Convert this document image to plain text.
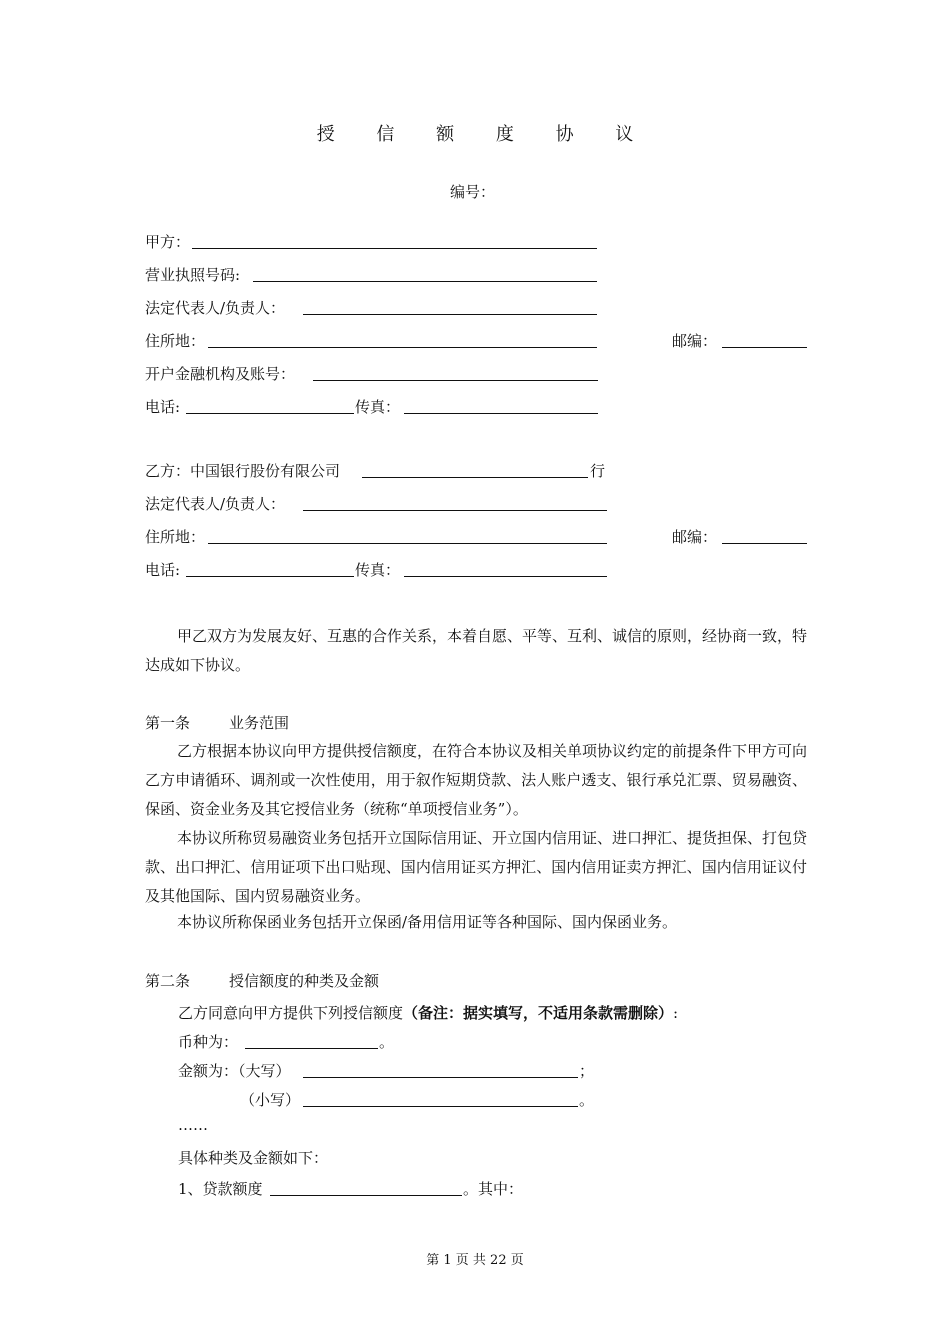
授 信 额 度 协 议
编号：
甲方：
营业执照号码:
法定代表人/负责人：
住所地：	邮编：
开户金融机构及账号：
电话:	传真：
乙方：中国银行股份有限公司	行
法定代表人/负责人：
住所地：	邮编：
电话:	传真：
甲乙双方为发展友好、互惠的合作关系，本着自愿、平等、互利、诚信的原则，经协商一致，特达成如下协议。
第一条	业务范围
乙方根据本协议向甲方提供授信额度，在符合本协议及相关单项协议约定的前提条件下甲方可向乙方申请循环、调剂或一次性使用，用于叙作短期贷款、法人账户透支、银行承兑汇票、贸易融资、保函、资金业务及其它授信业务（统称“单项授信业务”）。
本协议所称贸易融资业务包括开立国际信用证、开立国内信用证、进口押汇、提货担保、打包贷款、出口押汇、信用证项下出口贴现、国内信用证买方押汇、国内信用证卖方押汇、国内信用证议付及其他国际、国内贸易融资业务。
本协议所称保函业务包括开立保函/备用信用证等各种国际、国内保函业务。
第二条	授信额度的种类及金额
乙方同意向甲方提供下列授信额度（备注：据实填写，不适用条款需删除）:
币种为：	。
金额为：（大写）	；
（小写）	。
……
具体种类及金额如下：
1、贷款额度	。其中：
第 1 页 共 22 页
